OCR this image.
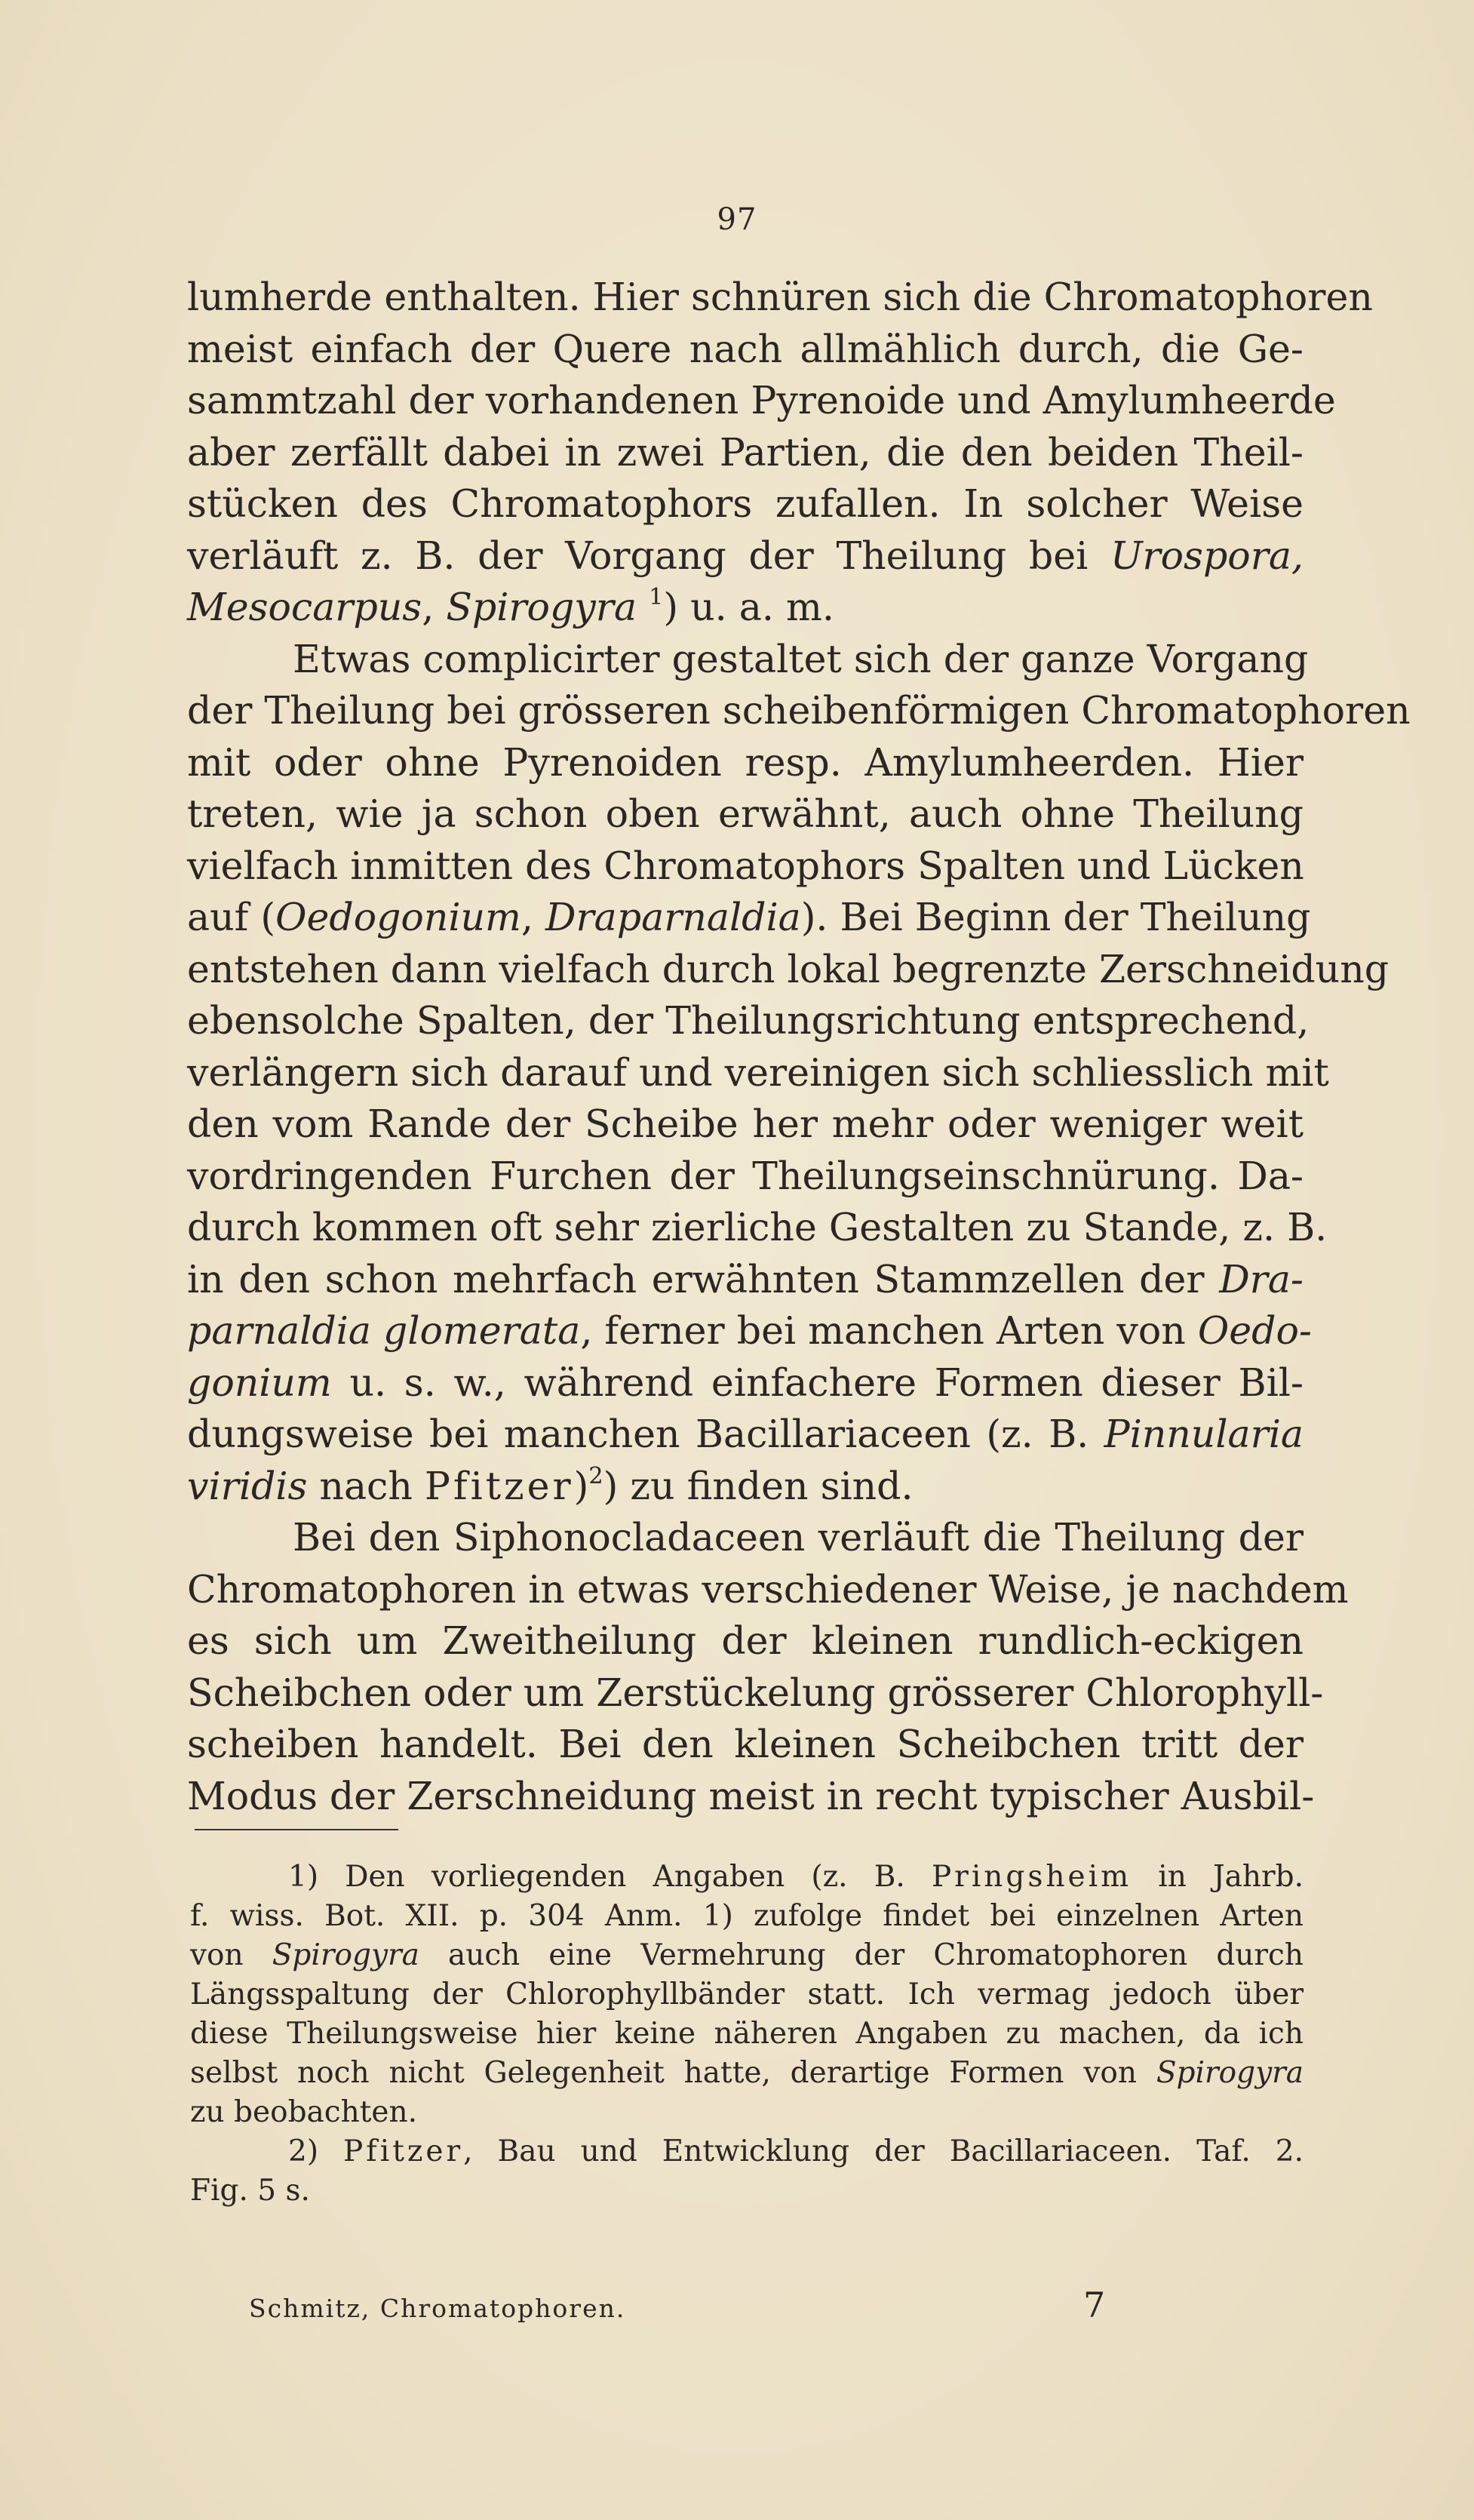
97
lumherde enthalten. Hier schnüren sich die Chromatophoren
meist einfach der Quere nach allmählich durch, die Ge-
sammtzahl der vorhandenen Pyrenoide und Amylumheerde
aber zerfällt dabei in zwei Partien, die den beiden Theil-
stücken des Chromatophors zufallen. In solcher Weise
verläuft z. B. der Vorgang der Theilung bei Urospora,
Mesocarpus, Spirogyra $^1$) u. a. m.
Etwas complicirter gestaltet sich der ganze Vorgang
der Theilung bei grösseren scheibenförmigen Chromatophoren
mit oder ohne Pyrenoiden resp. Amylumheerden. Hier
treten, wie ja schon oben erwähnt, auch ohne Theilung
vielfach inmitten des Chromatophors Spalten und Lücken
auf (Oedogonium, Draparnaldia). Bei Beginn der Theilung
entstehen dann vielfach durch lokal begrenzte Zerschneidung
ebensolche Spalten, der Theilungsrichtung entsprechend,
verlängern sich darauf und vereinigen sich schliesslich mit
den vom Rande der Scheibe her mehr oder weniger weit
vordringenden Furchen der Theilungseinschnürung. Da-
durch kommen oft sehr zierliche Gestalten zu Stande, z. B.
in den schon mehrfach erwähnten Stammzellen der Dra-
parnaldia glomerata, ferner bei manchen Arten von Oedo-
gonium u. s. w., während einfachere Formen dieser Bil-
dungsweise bei manchen Bacillariaceen (z. B. Pinnularia
viridis nach Pfitzer)$^2$) zu finden sind.
Bei den Siphonocladaceen verläuft die Theilung der
Chromatophoren in etwas verschiedener Weise, je nachdem
es sich um Zweitheilung der kleinen rundlich-eckigen
Scheibchen oder um Zerstückelung grösserer Chlorophyll-
scheiben handelt. Bei den kleinen Scheibchen tritt der
Modus der Zerschneidung meist in recht typischer Ausbil-
1) Den vorliegenden Angaben (z. B. Pringsheim in Jahrb.
f. wiss. Bot. XII. p. 304 Anm. 1) zufolge findet bei einzelnen Arten
von Spirogyra auch eine Vermehrung der Chromatophoren durch
Längsspaltung der Chlorophyllbänder statt. Ich vermag jedoch über
diese Theilungsweise hier keine näheren Angaben zu machen, da ich
selbst noch nicht Gelegenheit hatte, derartige Formen von Spirogyra
zu beobachten.
2) Pfitzer, Bau und Entwicklung der Bacillariaceen. Taf. 2.
Fig. 5 s.
Schmitz, Chromatophoren.	7
